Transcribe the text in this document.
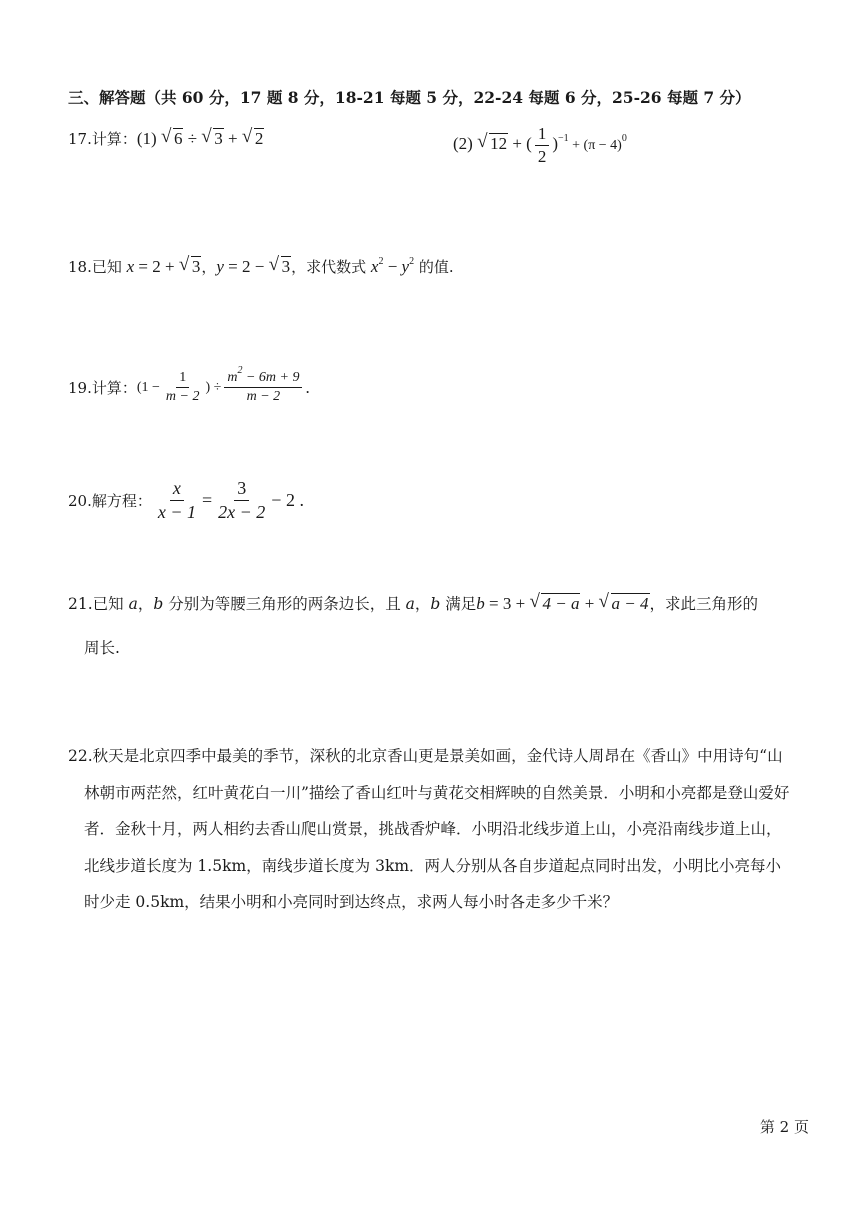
三、解答题（共 60 分，17 题 8 分，18-21 每题 5 分，22-24 每题 6 分，25-26 每题 7 分）
17.计算：(1) √ 6 ÷ √ 3 + √ 2	(2) √ 12 + ( $\frac{1}{2} )^{-1} + (\pi - 4)^0$
18.已知 x = 2 + √ 3，y = 2 − √ 3，求代数式 $x^2 - y^2$ 的值.
19.计算： ($1 - \frac{1}{m - 2}$ ) ÷ $\frac{m^2 - 6m + 9}{m - 2}$ .
20.解方程： $\frac{x}{x - 1} = \frac{3}{2x - 2} - 2$ .
21.已知 a，b 分别为等腰三角形的两条边长，且 a，b 满足b = 3 + √ 4 − a + √ a − 4，求此三角形的
周长.
22.秋天是北京四季中最美的季节，深秋的北京香山更是景美如画，金代诗人周昂在《香山》中用诗句“山林朝市两茫然，红叶黄花白一川”描绘了香山红叶与黄花交相辉映的自然美景．小明和小亮都是登山爱好者．金秋十月，两人相约去香山爬山赏景，挑战香炉峰．小明沿北线步道上山，小亮沿南线步道上山，北线步道长度为 1.5km，南线步道长度为 3km．两人分别从各自步道起点同时出发，小明比小亮每小时少走 0.5km，结果小明和小亮同时到达终点，求两人每小时各走多少千米？
第 2 页
